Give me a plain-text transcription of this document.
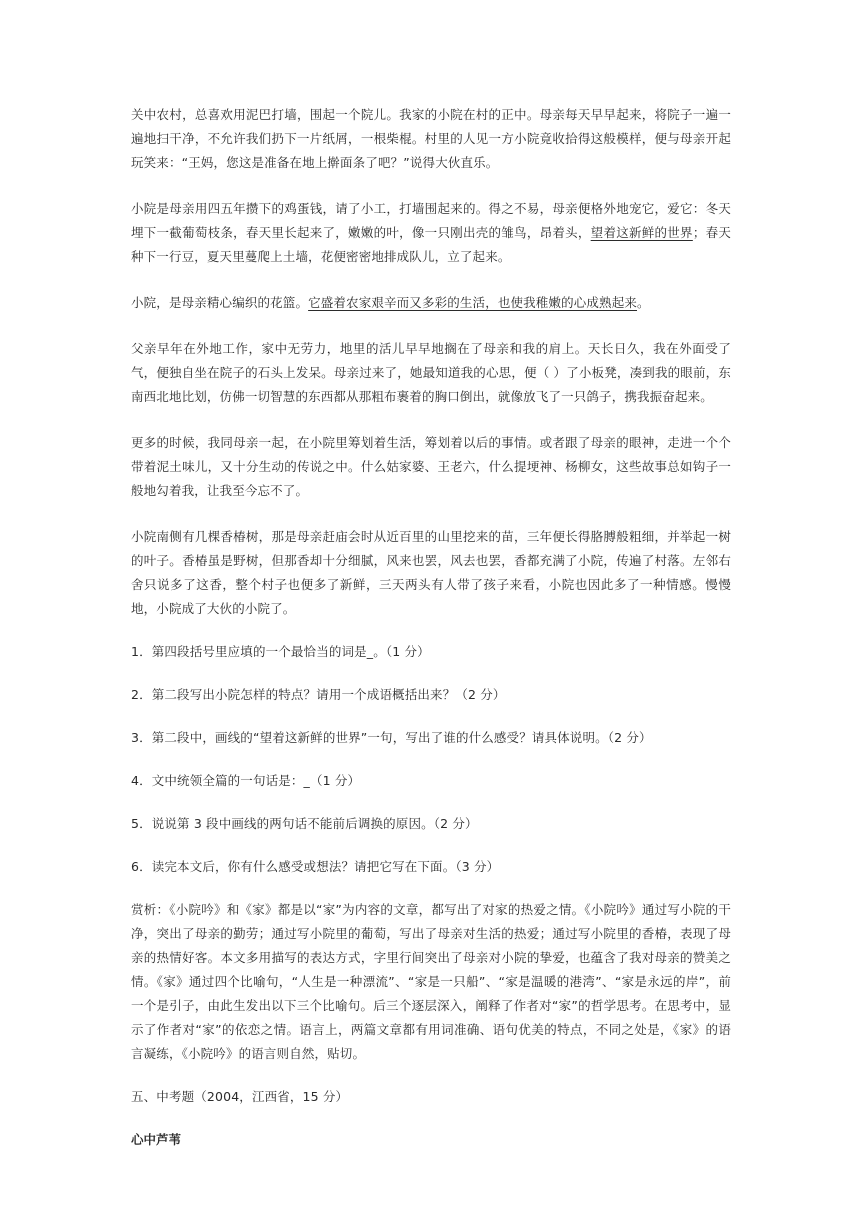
关中农村，总喜欢用泥巴打墙，围起一个院儿。我家的小院在村的正中。母亲每天早早起来，将院子一遍一遍地扫干净，不允许我们扔下一片纸屑，一根柴棍。村里的人见一方小院竟收拾得这般模样，便与母亲开起玩笑来：“王妈，您这是准备在地上擀面条了吧？”说得大伙直乐。

小院是母亲用四五年攒下的鸡蛋钱，请了小工，打墙围起来的。得之不易，母亲便格外地宠它，爱它：冬天埋下一截葡萄枝条，春天里长起来了，嫩嫩的叶，像一只刚出壳的雏鸟，昂着头，望着这新鲜的世界；春天种下一行豆，夏天里蔓爬上土墙，花便密密地排成队儿，立了起来。

小院，是母亲精心编织的花篮。它盛着农家艰辛而又多彩的生活，也使我稚嫩的心成熟起来。

父亲早年在外地工作，家中无劳力，地里的活儿早早地搁在了母亲和我的肩上。天长日久，我在外面受了气，便独自坐在院子的石头上发呆。母亲过来了，她最知道我的心思，便（ ）了小板凳，凑到我的眼前，东南西北地比划，仿佛一切智慧的东西都从那粗布裹着的胸口倒出，就像放飞了一只鸽子，携我振奋起来。

更多的时候，我同母亲一起，在小院里筹划着生活，筹划着以后的事情。或者跟了母亲的眼神，走进一个个带着泥土味儿，又十分生动的传说之中。什么姑家婆、王老六，什么提埂神、杨柳女，这些故事总如钩子一般地勾着我，让我至今忘不了。

小院南侧有几棵香椿树，那是母亲赶庙会时从近百里的山里挖来的苗，三年便长得胳膊般粗细，并举起一树的叶子。香椿虽是野树，但那香却十分细腻，风来也罢，风去也罢，香都充满了小院，传遍了村落。左邻右舍只说多了这香，整个村子也便多了新鲜，三天两头有人带了孩子来看，小院也因此多了一种情感。慢慢地，小院成了大伙的小院了。

1．第四段括号里应填的一个最恰当的词是_。（1 分）

2．第二段写出小院怎样的特点？请用一个成语概括出来？（2 分）

3．第二段中，画线的“望着这新鲜的世界”一句，写出了谁的什么感受？请具体说明。（2 分）

4．文中统领全篇的一句话是：_（1 分）

5．说说第 3 段中画线的两句话不能前后调换的原因。（2 分）

6．读完本文后，你有什么感受或想法？请把它写在下面。（3 分）

赏析：《小院吟》和《家》都是以“家”为内容的文章，都写出了对家的热爱之情。《小院吟》通过写小院的干净，突出了母亲的勤劳；通过写小院里的葡萄，写出了母亲对生活的热爱；通过写小院里的香椿，表现了母亲的热情好客。本文多用描写的表达方式，字里行间突出了母亲对小院的挚爱，也蕴含了我对母亲的赞美之情。《家》通过四个比喻句，“人生是一种漂流”、“家是一只船”、“家是温暖的港湾”、“家是永远的岸”，前一个是引子，由此生发出以下三个比喻句。后三个逐层深入，阐释了作者对“家”的哲学思考。在思考中，显示了作者对“家”的依恋之情。语言上，两篇文章都有用词准确、语句优美的特点，不同之处是，《家》的语言凝练，《小院吟》的语言则自然，贴切。

五、中考题（2004，江西省，15 分）

心中芦苇
